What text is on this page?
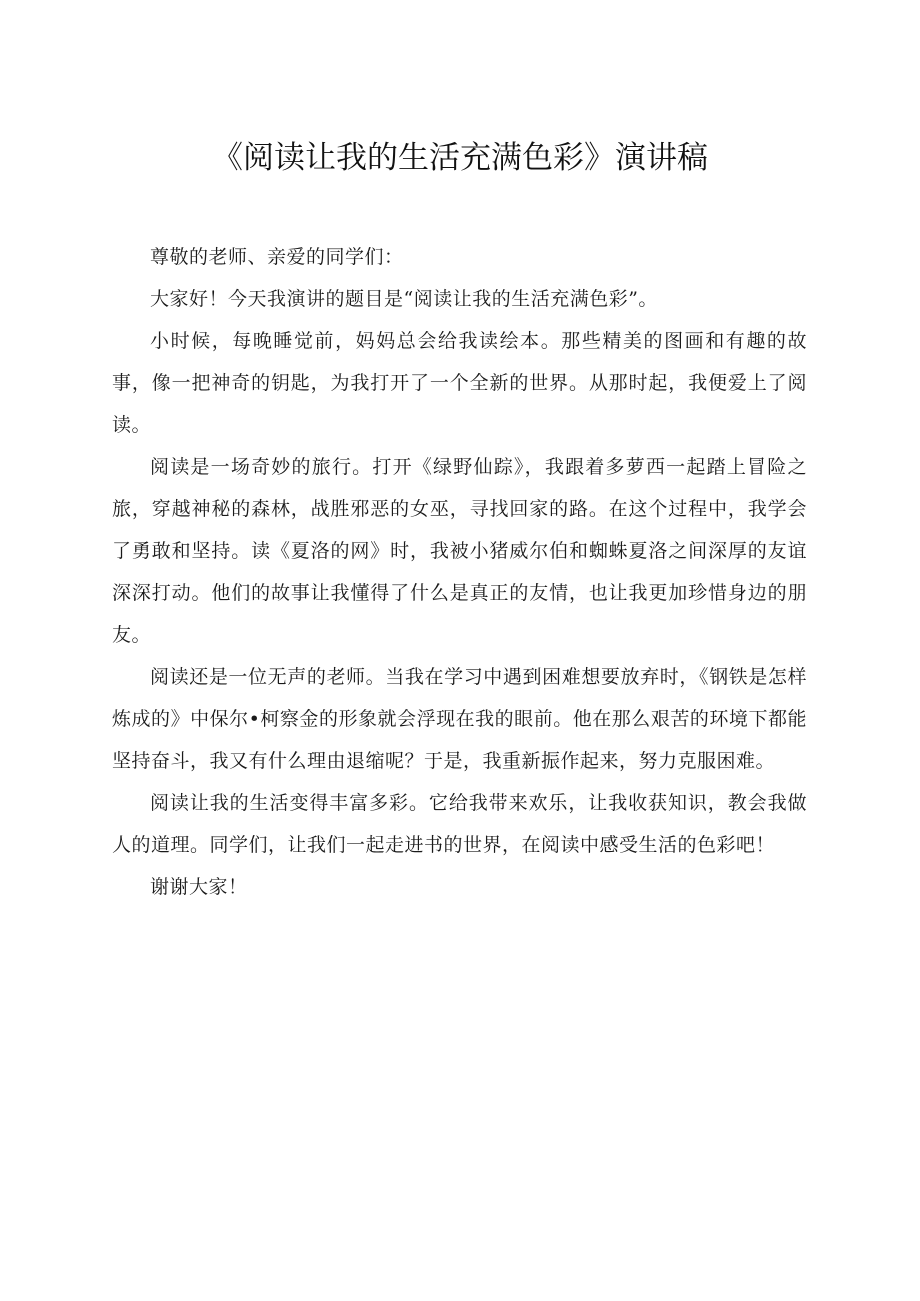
《阅读让我的生活充满色彩》演讲稿

尊敬的老师、亲爱的同学们：

大家好！今天我演讲的题目是“阅读让我的生活充满色彩”。

小时候，每晚睡觉前，妈妈总会给我读绘本。那些精美的图画和有趣的故事，像一把神奇的钥匙，为我打开了一个全新的世界。从那时起，我便爱上了阅读。

阅读是一场奇妙的旅行。打开《绿野仙踪》，我跟着多萝西一起踏上冒险之旅，穿越神秘的森林，战胜邪恶的女巫，寻找回家的路。在这个过程中，我学会了勇敢和坚持。读《夏洛的网》时，我被小猪威尔伯和蜘蛛夏洛之间深厚的友谊深深打动。他们的故事让我懂得了什么是真正的友情，也让我更加珍惜身边的朋友。

阅读还是一位无声的老师。当我在学习中遇到困难想要放弃时，《钢铁是怎样炼成的》中保尔•柯察金的形象就会浮现在我的眼前。他在那么艰苦的环境下都能坚持奋斗，我又有什么理由退缩呢？于是，我重新振作起来，努力克服困难。

阅读让我的生活变得丰富多彩。它给我带来欢乐，让我收获知识，教会我做人的道理。同学们，让我们一起走进书的世界，在阅读中感受生活的色彩吧！

谢谢大家！
